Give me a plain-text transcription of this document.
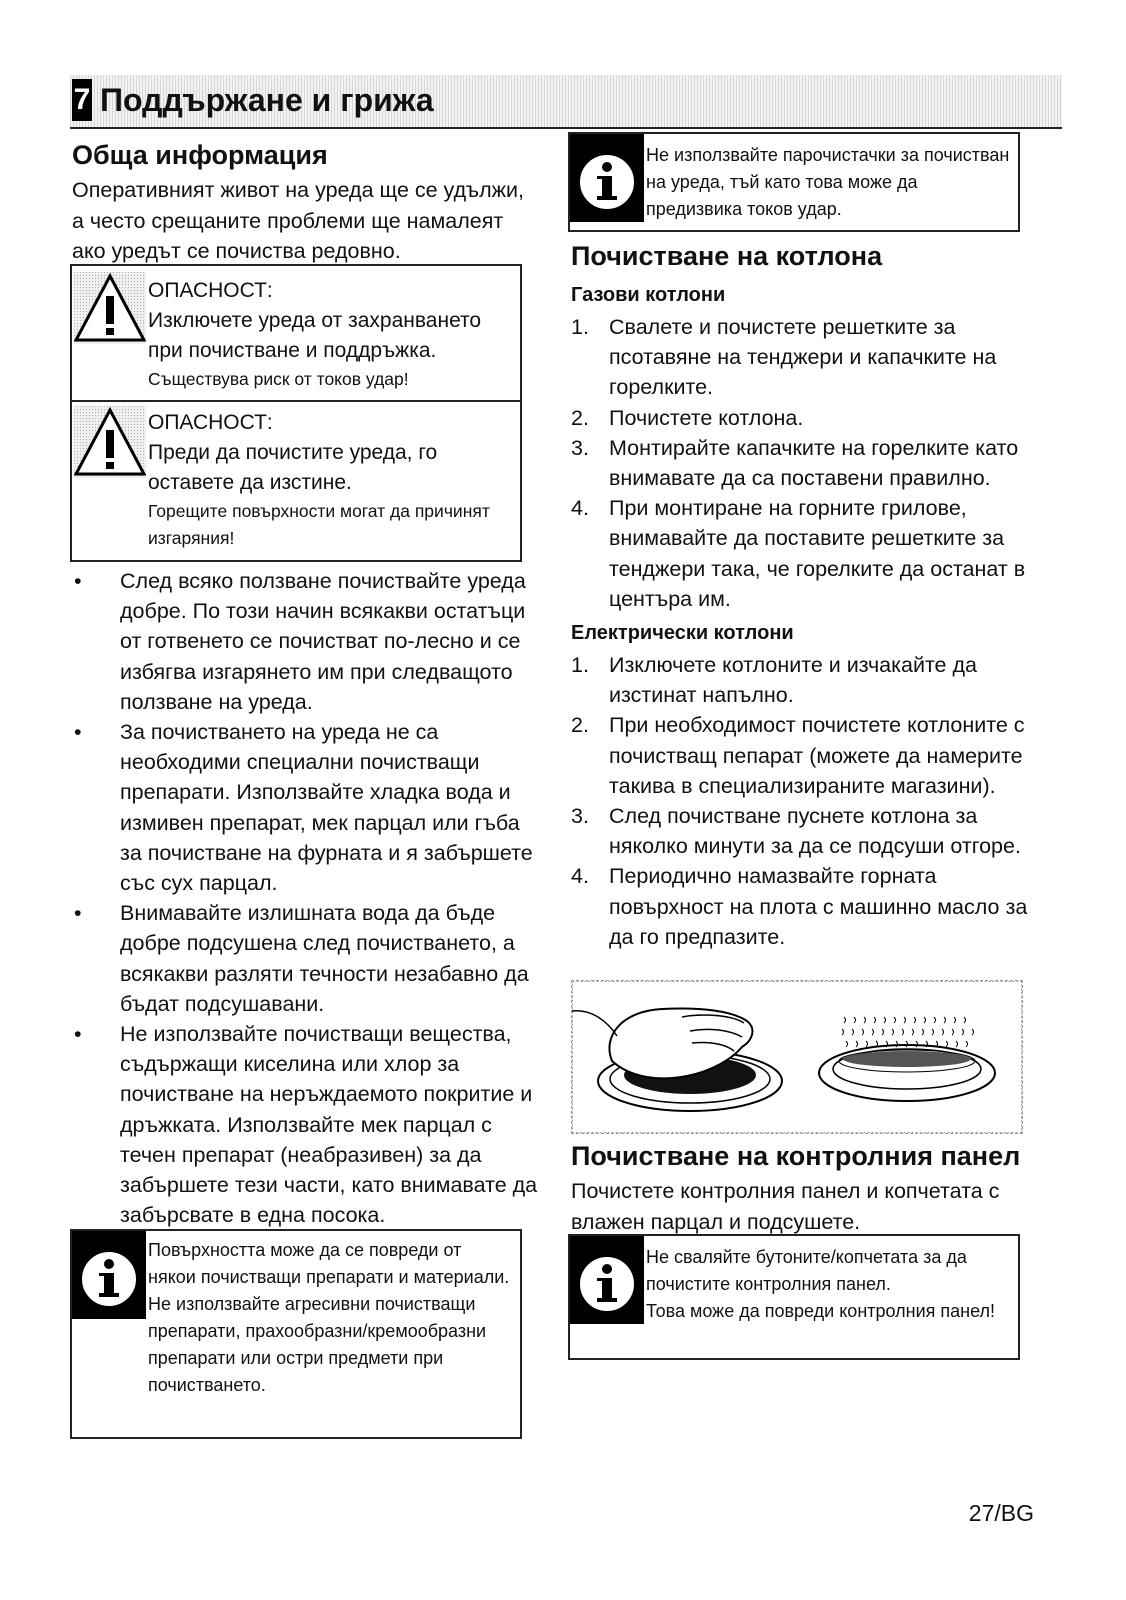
7 Поддържане и грижа
Обща информация
Оперативният живот на уреда ще се удължи, а често срещаните проблеми ще намалеят ако уредът се почиства редовно.
ОПАСНОСТ:
Изключете уреда от захранването при почистване и поддръжка.
Съществува риск от токов удар!
ОПАСНОСТ:
Преди да почистите уреда, го оставете да изстине.
Горещите повърхности могат да причинят изгаряния!
• След всяко ползване почиствайте уреда добре. По този начин всякакви остатъци от готвенето се почистват по-лесно и се избягва изгарянето им при следващото ползване на уреда.
• За почистването на уреда не са необходими специални почистващи препарати. Използвайте хладка вода и измивен препарат, мек парцал или гъба за почистване на фурната и я забършете със сух парцал.
• Внимавайте излишната вода да бъде добре подсушена след почистването, а всякакви разляти течности незабавно да бъдат подсушавани.
• Не използвайте почистващи вещества, съдържащи киселина или хлор за почистване на неръждаемото покритие и дръжката. Използвайте мек парцал с течен препарат (неабразивен) за да забършете тези части, като внимавате да забърсвате в една посока.
Повърхността може да се повреди от някои почистващи препарати и материали.
Не използвайте агресивни почистващи препарати, прахообразни/кремообразни препарати или остри предмети при почистването.
Не използвайте парочистачки за почистван на уреда, тъй като това може да предизвика токов удар.
Почистване на котлона
Газови котлони
1. Свалете и почистете решетките за псотавяне на тенджери и капачките на горелките.
2. Почистете котлона.
3. Монтирайте капачките на горелките като внимавате да са поставени правилно.
4. При монтиране на горните грилове, внимавайте да поставите решетките за тенджери така, че горелките да останат в центъра им.
Електрически котлони
1. Изключете котлоните и изчакайте да изстинат напълно.
2. При необходимост почистете котлоните с почистващ пепарат (можете да намерите такива в специализираните магазини).
3. След почистване пуснете котлона за няколко минути за да се подсуши отгоре.
4. Периодично намазвайте горната повърхност на плота с машинно масло за да го предпазите.
Почистване на контролния панел
Почистете контролния панел и копчетата с влажен парцал и подсушете.
Не сваляйте бутоните/копчетата за да почистите контролния панел.
Това може да повреди контролния панел!
27/BG
